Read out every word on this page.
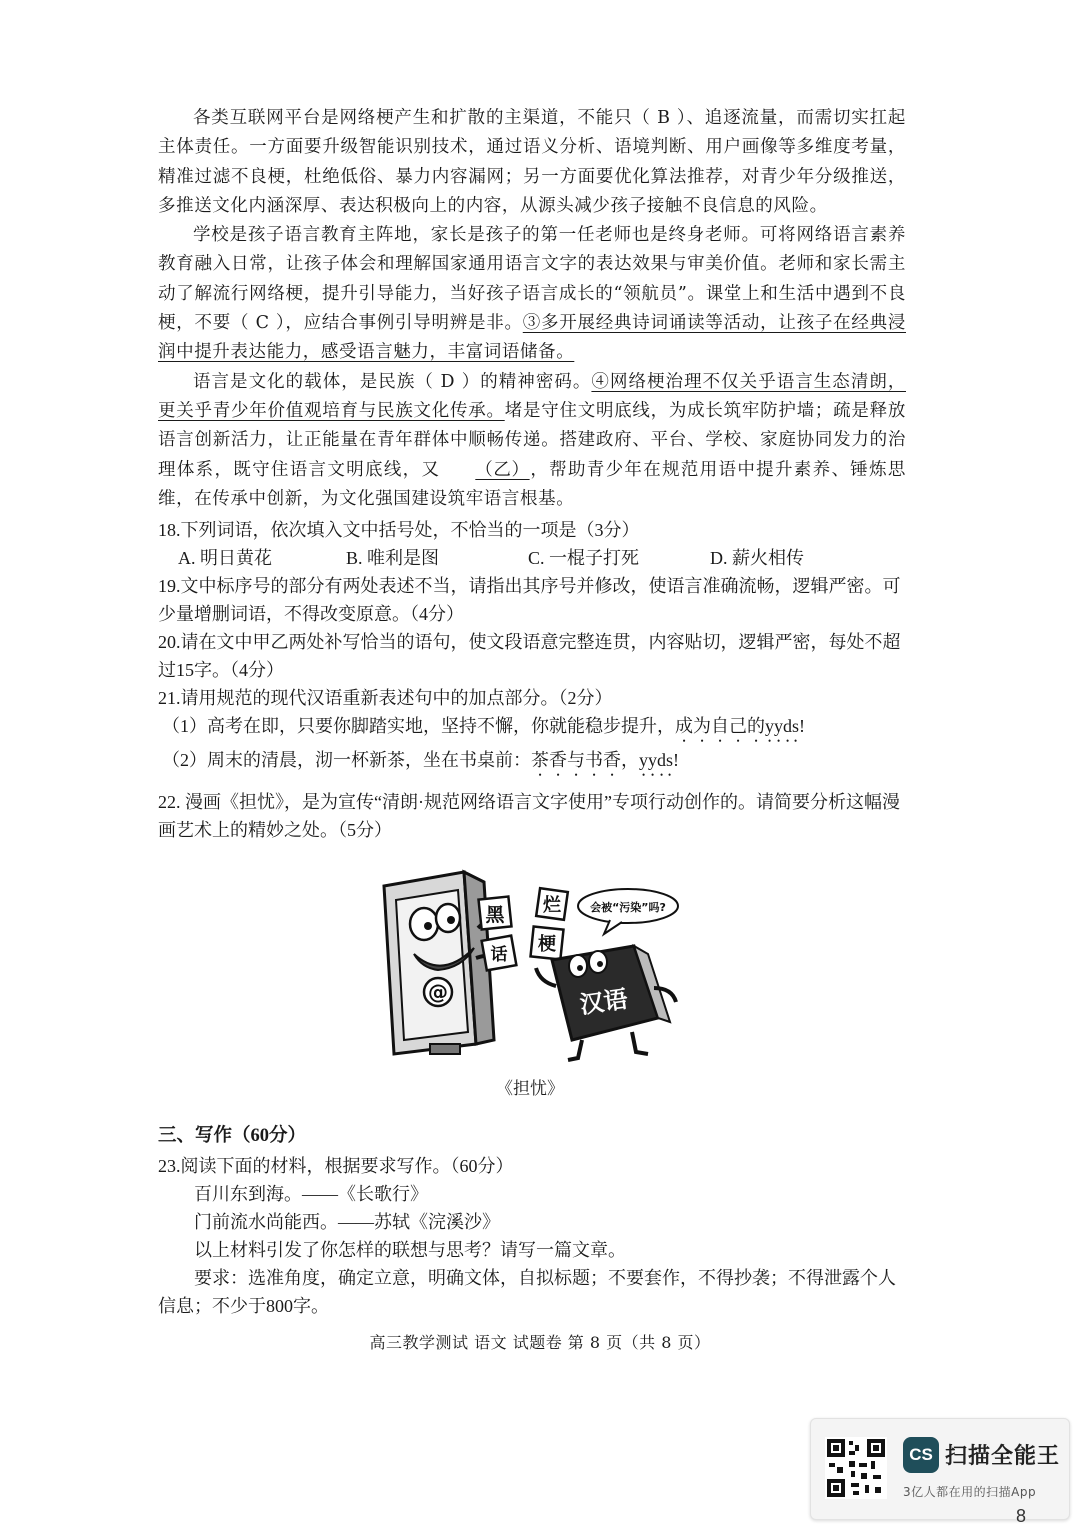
各类互联网平台是网络梗产生和扩散的主渠道，不能只（ B ）、追逐流量，而需切实扛起主体责任。一方面要升级智能识别技术，通过语义分析、语境判断、用户画像等多维度考量，精准过滤不良梗，杜绝低俗、暴力内容漏网；另一方面要优化算法推荐，对青少年分级推送，多推送文化内涵深厚、表达积极向上的内容，从源头减少孩子接触不良信息的风险。

学校是孩子语言教育主阵地，家长是孩子的第一任老师也是终身老师。可将网络语言素养教育融入日常，让孩子体会和理解国家通用语言文字的表达效果与审美价值。老师和家长需主动了解流行网络梗，提升引导能力，当好孩子语言成长的“领航员”。课堂上和生活中遇到不良梗，不要（ C ），应结合事例引导明辨是非。③多开展经典诗词诵读等活动，让孩子在经典浸润中提升表达能力，感受语言魅力，丰富词语储备。

语言是文化的载体，是民族（ D ）的精神密码。④网络梗治理不仅关乎语言生态清朗，更关乎青少年价值观培育与民族文化传承。堵是守住文明底线，为成长筑牢防护墙；疏是释放语言创新活力，让正能量在青年群体中顺畅传递。搭建政府、平台、学校、家庭协同发力的治理体系，既守住语言文明底线，又 （乙），帮助青少年在规范用语中提升素养、锤炼思维，在传承中创新，为文化强国建设筑牢语言根基。

18.下列词语，依次填入文中括号处，不恰当的一项是（3分）

A. 明日黄花	B. 唯利是图	C. 一棍子打死	D. 薪火相传

19.文中标序号的部分有两处表述不当，请指出其序号并修改，使语言准确流畅，逻辑严密。可少量增删词语，不得改变原意。（4分）

20.请在文中甲乙两处补写恰当的语句，使文段语意完整连贯，内容贴切，逻辑严密，每处不超过15字。（4分）

21.请用规范的现代汉语重新表述句中的加点部分。（2分）

（1）高考在即，只要你脚踏实地，坚持不懈，你就能稳步提升，成为自己的yyds!

（2）周末的清晨，沏一杯新茶，坐在书桌前：茶香与书香，yyds!

22. 漫画《担忧》，是为宣传“清朗·规范网络语言文字使用”专项行动创作的。请简要分析这幅漫画艺术上的精妙之处。（5分）

@
黑 烂
话 梗
会被“污染”吗?
汉语
《担忧》

三、写作（60分）

23.阅读下面的材料，根据要求写作。（60分）

百川东到海。——《长歌行》

门前流水尚能西。——苏轼《浣溪沙》

以上材料引发了你怎样的联想与思考？请写一篇文章。

要求：选准角度，确定立意，明确文体，自拟标题；不要套作，不得抄袭；不得泄露个人信息；不少于800字。

高三教学测试 语文 试题卷 第 8 页（共 8 页）
CS 扫描全能王
3亿人都在用的扫描App
8
